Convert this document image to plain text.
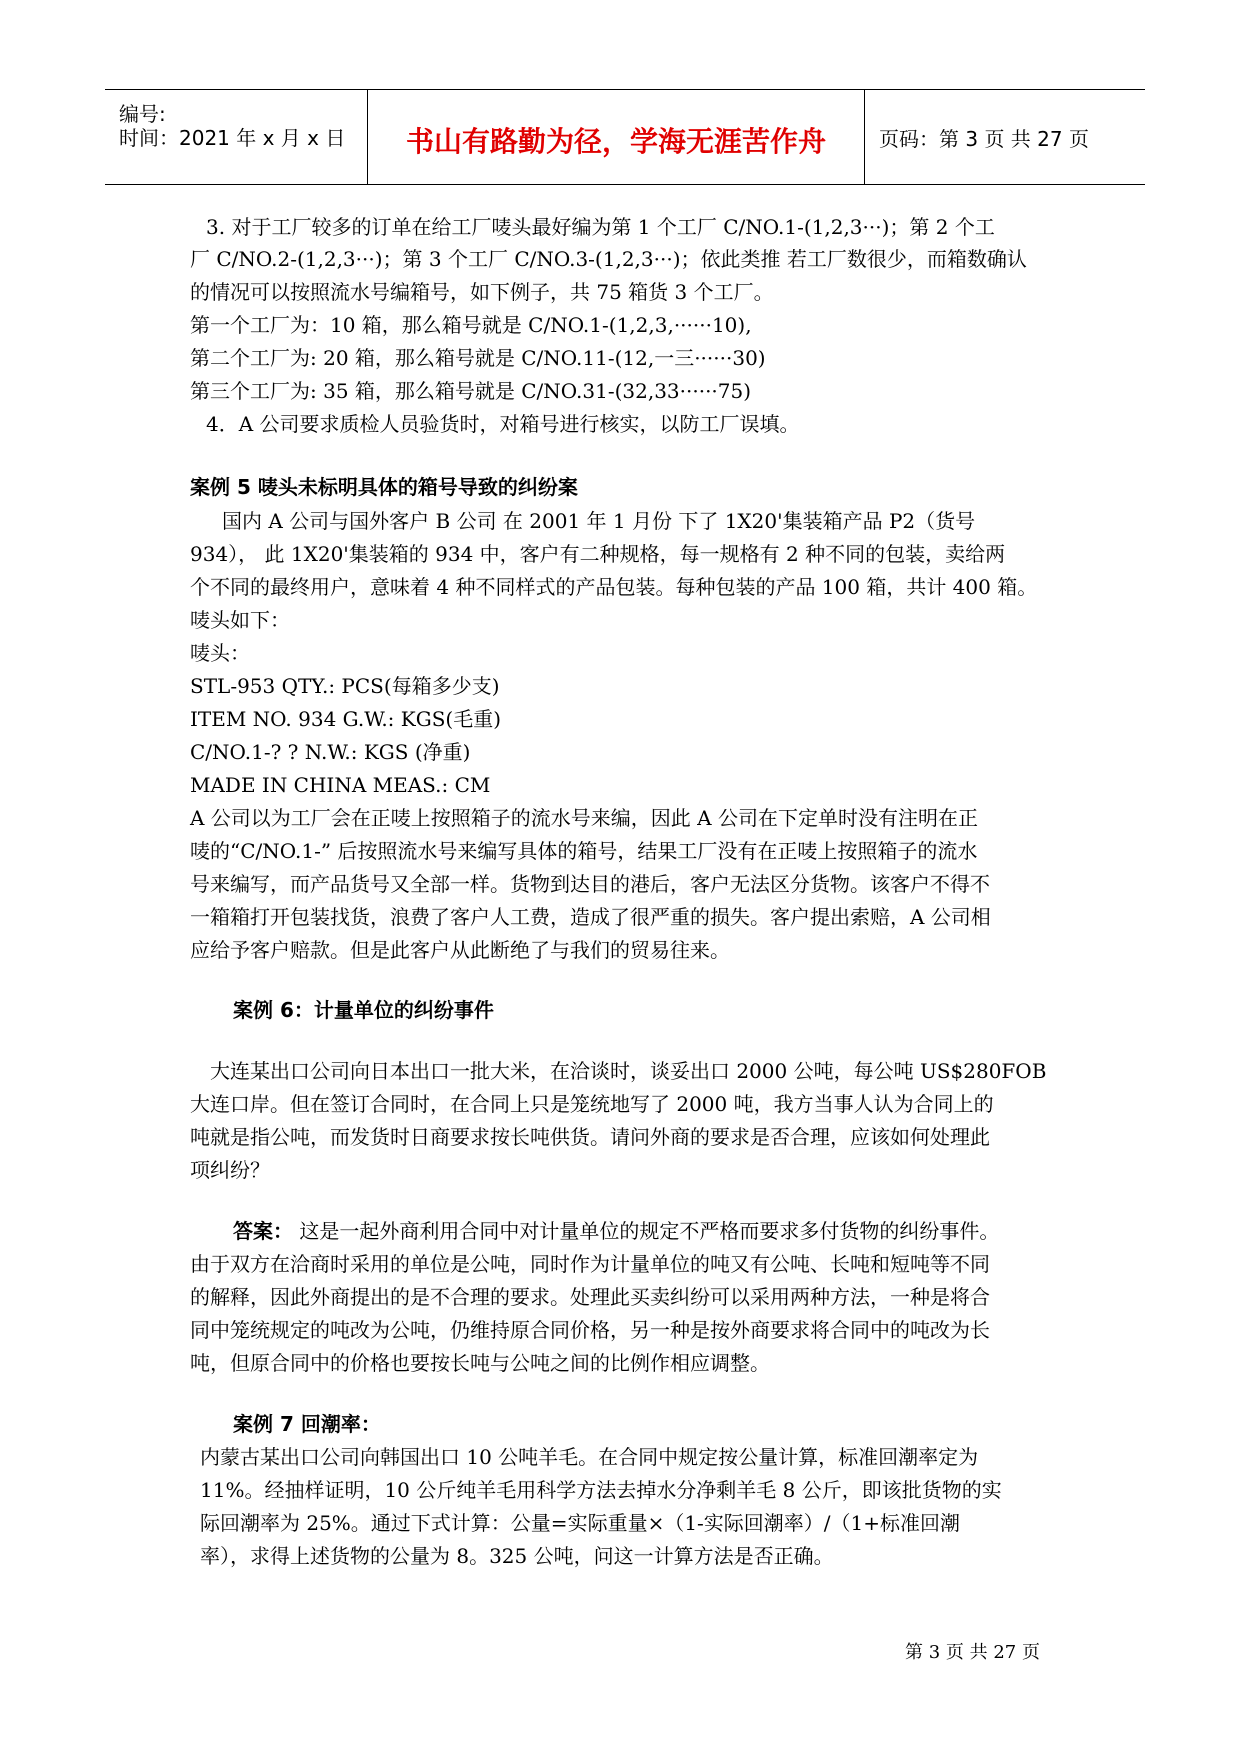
编号:
时间：2021 年 x 月 x 日	书山有路勤为径，学海无涯苦作舟	页码：第 3 页 共 27 页
3. 对于工厂较多的订单在给工厂唛头最好编为第 1 个工厂 C/NO.1-(1,2,3···)；第 2 个工
厂 C/NO.2-(1,2,3···)；第 3 个工厂 C/NO.3-(1,2,3···)；依此类推 若工厂数很少，而箱数确认
的情况可以按照流水号编箱号，如下例子，共 75 箱货 3 个工厂。
第一个工厂为：10 箱，那么箱号就是 C/NO.1-(1,2,3,······10),
第二个工厂为: 20 箱，那么箱号就是 C/NO.11-(12,一三······30)
第三个工厂为: 35 箱，那么箱号就是 C/NO.31-(32,33······75)
4．A 公司要求质检人员验货时，对箱号进行核实，以防工厂误填。
案例 5 唛头未标明具体的箱号导致的纠纷案
国内 A 公司与国外客户 B 公司 在 2001 年 1 月份 下了 1X20'集装箱产品 P2（货号
934）， 此 1X20'集装箱的 934 中，客户有二种规格，每一规格有 2 种不同的包装，卖给两
个不同的最终用户，意味着 4 种不同样式的产品包装。每种包装的产品 100 箱，共计 400 箱。
唛头如下：
唛头：
STL-953 QTY.: PCS(每箱多少支)
ITEM NO. 934 G.W.: KGS(毛重)
C/NO.1-? ? N.W.: KGS (净重)
MADE IN CHINA MEAS.: CM
A 公司以为工厂会在正唛上按照箱子的流水号来编，因此 A 公司在下定单时没有注明在正
唛的“C/NO.1-” 后按照流水号来编写具体的箱号，结果工厂没有在正唛上按照箱子的流水
号来编写，而产品货号又全部一样。货物到达目的港后，客户无法区分货物。该客户不得不
一箱箱打开包装找货，浪费了客户人工费，造成了很严重的损失。客户提出索赔，A 公司相
应给予客户赔款。但是此客户从此断绝了与我们的贸易往来。
案例 6：计量单位的纠纷事件
大连某出口公司向日本出口一批大米，在洽谈时，谈妥出口 2000 公吨，每公吨 US$280FOB
大连口岸。但在签订合同时，在合同上只是笼统地写了 2000 吨，我方当事人认为合同上的
吨就是指公吨，而发货时日商要求按长吨供货。请问外商的要求是否合理，应该如何处理此
项纠纷？
答案： 这是一起外商利用合同中对计量单位的规定不严格而要求多付货物的纠纷事件。
由于双方在洽商时采用的单位是公吨，同时作为计量单位的吨又有公吨、长吨和短吨等不同
的解释，因此外商提出的是不合理的要求。处理此买卖纠纷可以采用两种方法，一种是将合
同中笼统规定的吨改为公吨，仍维持原合同价格，另一种是按外商要求将合同中的吨改为长
吨，但原合同中的价格也要按长吨与公吨之间的比例作相应调整。
案例 7 回潮率：
内蒙古某出口公司向韩国出口 10 公吨羊毛。在合同中规定按公量计算，标准回潮率定为
11%。经抽样证明，10 公斤纯羊毛用科学方法去掉水分净剩羊毛 8 公斤，即该批货物的实
际回潮率为 25%。通过下式计算：公量=实际重量×（1-实际回潮率）/（1+标准回潮
率），求得上述货物的公量为 8。325 公吨，问这一计算方法是否正确。
第 3 页 共 27 页
